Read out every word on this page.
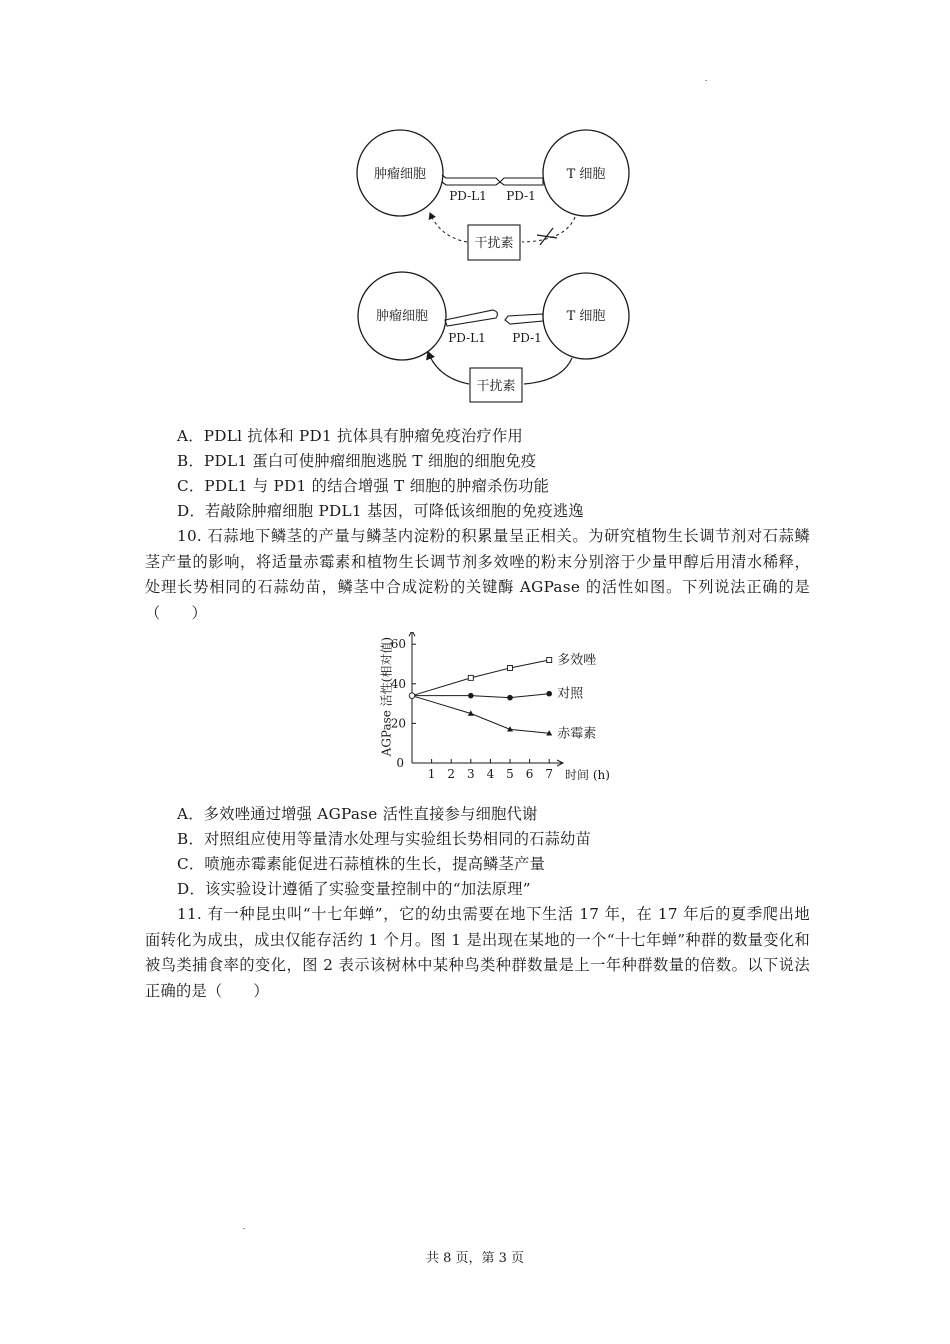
肿瘤细胞	T 细胞
PD-L1 PD-1
干扰素
肿瘤细胞	T 细胞
PD-L1 PD-1
干扰素
A．PDLl 抗体和 PD1 抗体具有肿瘤免疫治疗作用
B．PDL1 蛋白可使肿瘤细胞逃脱 T 细胞的细胞免疫
C．PDL1 与 PD1 的结合增强 T 细胞的肿瘤杀伤功能
D．若敲除肿瘤细胞 PDL1 基因，可降低该细胞的免疫逃逸
10. 石蒜地下鳞茎的产量与鳞茎内淀粉的积累量呈正相关。为研究植物生长调节剂对石蒜鳞茎产量的影响，将适量赤霉素和植物生长调节剂多效唑的粉末分别溶于少量甲醇后用清水稀释，处理长势相同的石蒜幼苗，鳞茎中合成淀粉的关键酶 AGPase 的活性如图。下列说法正确的是（　　）
0
20
40
60
1 2 3 4 5 6 7
多效唑
对照
赤霉素
AGPase 活性(相对值)
时间 (h)
A．多效唑通过增强 AGPase 活性直接参与细胞代谢
B．对照组应使用等量清水处理与实验组长势相同的石蒜幼苗
C．喷施赤霉素能促进石蒜植株的生长，提高鳞茎产量
D．该实验设计遵循了实验变量控制中的“加法原理”
11. 有一种昆虫叫“十七年蝉”，它的幼虫需要在地下生活 17 年，在 17 年后的夏季爬出地面转化为成虫，成虫仅能存活约 1 个月。图 1 是出现在某地的一个“十七年蝉”种群的数量变化和被鸟类捕食率的变化，图 2 表示该树林中某种鸟类种群数量是上一年种群数量的倍数。以下说法正确的是（　　）
共 8 页，第 3 页
